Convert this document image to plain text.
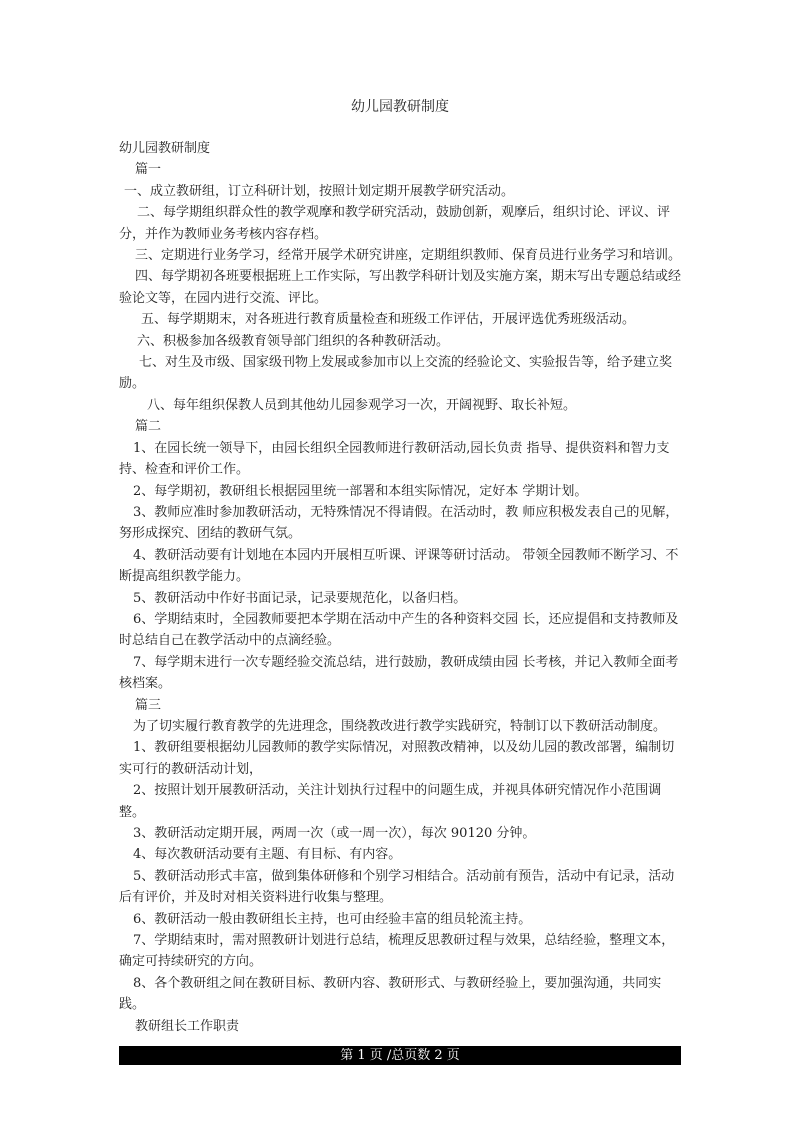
幼儿园教研制度

幼儿园教研制度

篇一

一、成立教研组，订立科研计划，按照计划定期开展教学研究活动。

二、每学期组织群众性的教学观摩和教学研究活动，鼓励创新，观摩后，组织讨论、评议、评分，并作为教师业务考核内容存档。

三、定期进行业务学习，经常开展学术研究讲座，定期组织教师、保育员进行业务学习和培训。

四、每学期初各班要根据班上工作实际，写出教学科研计划及实施方案，期末写出专题总结或经验论文等，在园内进行交流、评比。

五、每学期期末，对各班进行教育质量检查和班级工作评估，开展评选优秀班级活动。

六、积极参加各级教育领导部门组织的各种教研活动。

七、对生及市级、国家级刊物上发展或参加市以上交流的经验论文、实验报告等，给予建立奖励。

八、每年组织保教人员到其他幼儿园参观学习一次，开阔视野、取长补短。

篇二

1、在园长统一领导下，由园长组织全园教师进行教研活动,园长负责 指导、提供资料和智力支持、检查和评价工作。

2、每学期初，教研组长根据园里统一部署和本组实际情况，定好本 学期计划。

3、教师应准时参加教研活动，无特殊情况不得请假。在活动时，教 师应积极发表自己的见解，努形成探究、团结的教研气氛。

4、教研活动要有计划地在本园内开展相互听课、评课等研讨活动。 带领全园教师不断学习、不断提高组织教学能力。

5、教研活动中作好书面记录，记录要规范化，以备归档。

6、学期结束时，全园教师要把本学期在活动中产生的各种资料交园 长，还应提倡和支持教师及时总结自己在教学活动中的点滴经验。

7、每学期末进行一次专题经验交流总结，进行鼓励，教研成绩由园 长考核，并记入教师全面考核档案。

篇三

为了切实履行教育教学的先进理念，围绕教改进行教学实践研究，特制订以下教研活动制度。

1、教研组要根据幼儿园教师的教学实际情况，对照教改精神，以及幼儿园的教改部署，编制切实可行的教研活动计划，

2、按照计划开展教研活动，关注计划执行过程中的问题生成，并视具体研究情况作小范围调整。

3、教研活动定期开展，两周一次（或一周一次），每次 90120 分钟。

4、每次教研活动要有主题、有目标、有内容。

5、教研活动形式丰富，做到集体研修和个别学习相结合。活动前有预告，活动中有记录，活动后有评价，并及时对相关资料进行收集与整理。

6、教研活动一般由教研组长主持，也可由经验丰富的组员轮流主持。

7、学期结束时，需对照教研计划进行总结，梳理反思教研过程与效果，总结经验，整理文本，确定可持续研究的方向。

8、各个教研组之间在教研目标、教研内容、教研形式、与教研经验上，要加强沟通，共同实践。

教研组长工作职责

第 1 页 /总页数 2 页
